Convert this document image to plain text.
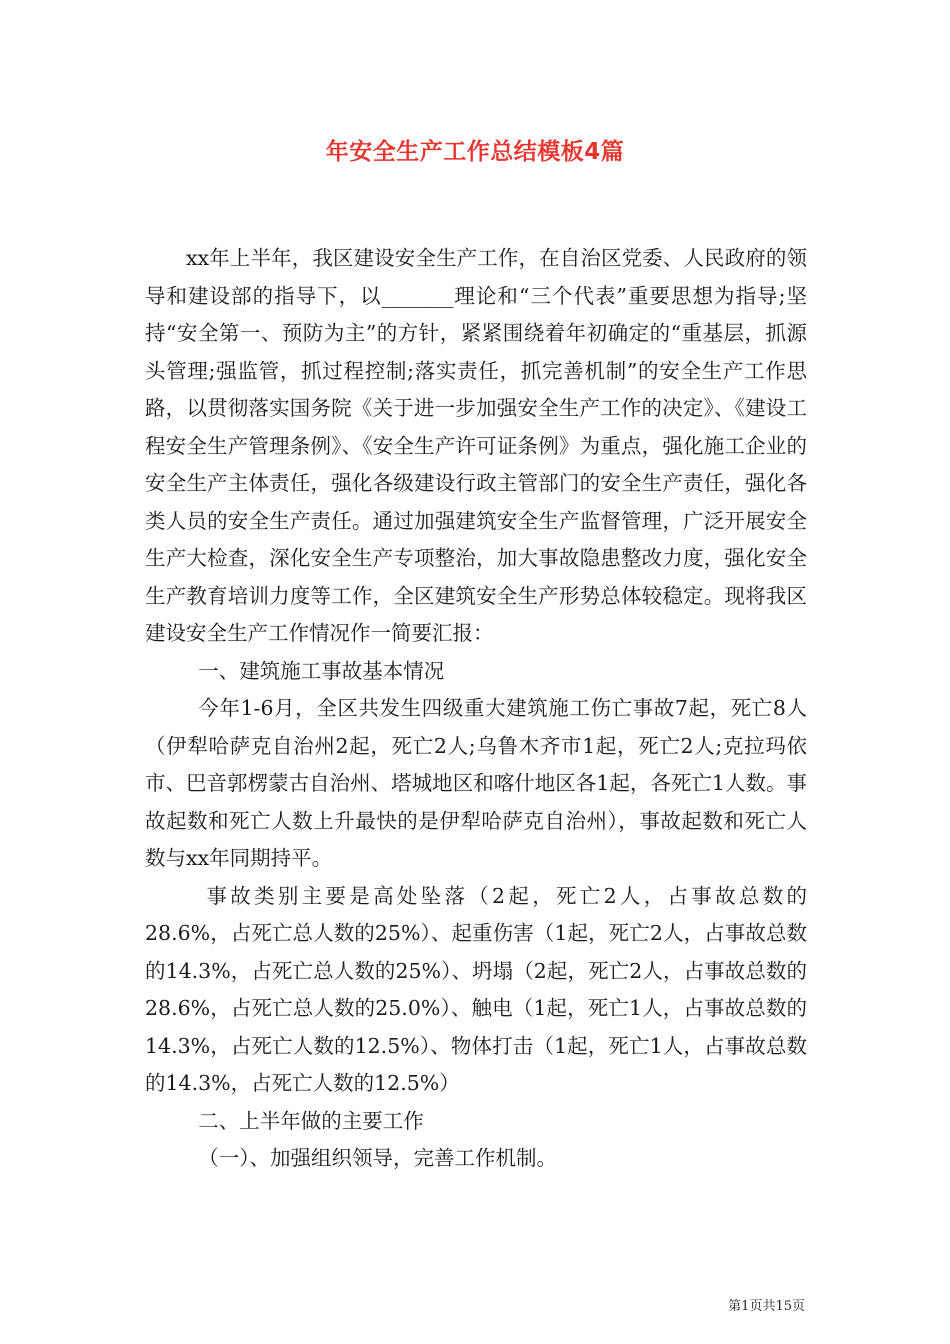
年安全生产工作总结模板4篇

xx年上半年，我区建设安全生产工作，在自治区党委、人民政府的领导和建设部的指导下，以_______理论和“三个代表”重要思想为指导;坚持“安全第一、预防为主”的方针，紧紧围绕着年初确定的“重基层，抓源头管理;强监管，抓过程控制;落实责任，抓完善机制”的安全生产工作思路，以贯彻落实国务院《关于进一步加强安全生产工作的决定》、《建设工程安全生产管理条例》、《安全生产许可证条例》为重点，强化施工企业的安全生产主体责任，强化各级建设行政主管部门的安全生产责任，强化各类人员的安全生产责任。通过加强建筑安全生产监督管理，广泛开展安全生产大检查，深化安全生产专项整治，加大事故隐患整改力度，强化安全生产教育培训力度等工作，全区建筑安全生产形势总体较稳定。现将我区建设安全生产工作情况作一简要汇报：

一、建筑施工事故基本情况

今年1-6月，全区共发生四级重大建筑施工伤亡事故7起，死亡8人（伊犁哈萨克自治州2起，死亡2人;乌鲁木齐市1起，死亡2人;克拉玛依市、巴音郭楞蒙古自治州、塔城地区和喀什地区各1起，各死亡1人数。事故起数和死亡人数上升最快的是伊犁哈萨克自治州），事故起数和死亡人数与xx年同期持平。

事故类别主要是高处坠落（2起，死亡2人，占事故总数的28.6%，占死亡总人数的25%）、起重伤害（1起，死亡2人，占事故总数的14.3%，占死亡总人数的25%）、坍塌（2起，死亡2人，占事故总数的28.6%，占死亡总人数的25.0%）、触电（1起，死亡1人，占事故总数的14.3%，占死亡人数的12.5%）、物体打击（1起，死亡1人，占事故总数的14.3%，占死亡人数的12.5%）

二、上半年做的主要工作

（一）、加强组织领导，完善工作机制。

第1页共15页
